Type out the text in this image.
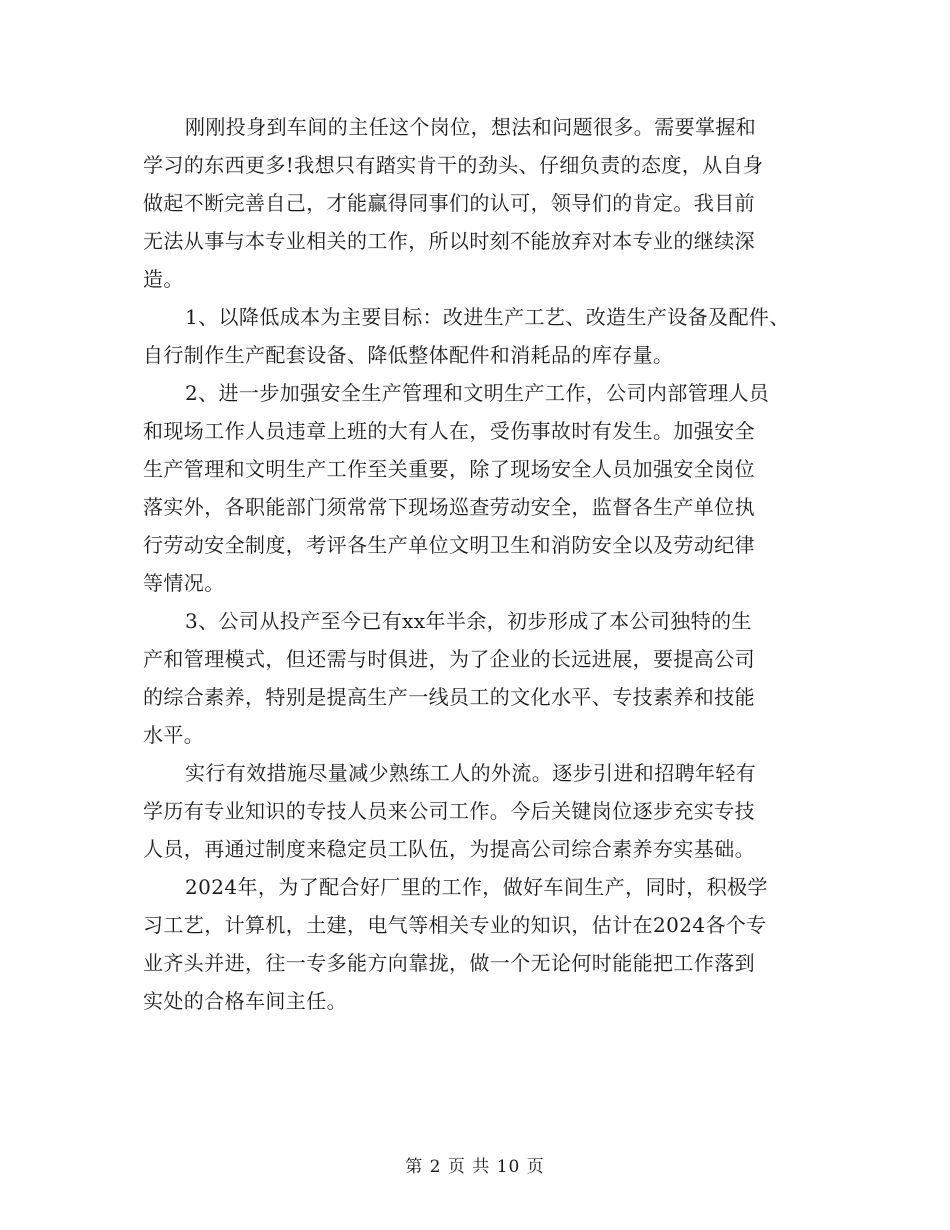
刚刚投身到车间的主任这个岗位，想法和问题很多。需要掌握和
学习的东西更多!我想只有踏实肯干的劲头、仔细负责的态度，从自身
做起不断完善自己，才能赢得同事们的认可，领导们的肯定。我目前
无法从事与本专业相关的工作，所以时刻不能放弃对本专业的继续深
造。
1、以降低成本为主要目标：改进生产工艺、改造生产设备及配件、
自行制作生产配套设备、降低整体配件和消耗品的库存量。
2、进一步加强安全生产管理和文明生产工作，公司内部管理人员
和现场工作人员违章上班的大有人在，受伤事故时有发生。加强安全
生产管理和文明生产工作至关重要，除了现场安全人员加强安全岗位
落实外，各职能部门须常常下现场巡查劳动安全，监督各生产单位执
行劳动安全制度，考评各生产单位文明卫生和消防安全以及劳动纪律
等情况。
3、公司从投产至今已有xx年半余，初步形成了本公司独特的生
产和管理模式，但还需与时俱进，为了企业的长远进展，要提高公司
的综合素养，特别是提高生产一线员工的文化水平、专技素养和技能
水平。
实行有效措施尽量减少熟练工人的外流。逐步引进和招聘年轻有
学历有专业知识的专技人员来公司工作。今后关键岗位逐步充实专技
人员，再通过制度来稳定员工队伍，为提高公司综合素养夯实基础。
2024年，为了配合好厂里的工作，做好车间生产，同时，积极学
习工艺，计算机，土建，电气等相关专业的知识，估计在2024各个专
业齐头并进，往一专多能方向靠拢，做一个无论何时能能把工作落到
实处的合格车间主任。
第 2 页 共 10 页
